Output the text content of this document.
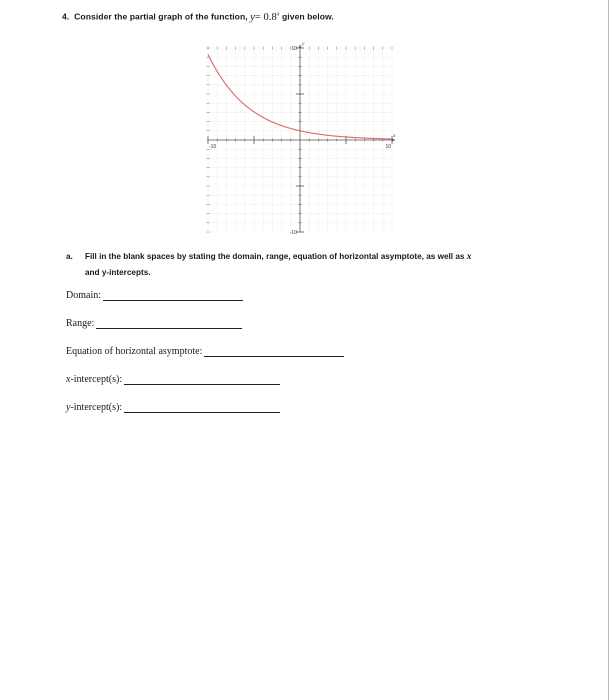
4. Consider the partial graph of the function, $y= 0.8^x$ given below.
-10	10
10
-10
x
y
a. Fill in the blank spaces by stating the domain, range, equation of horizontal asymptote, as well as x
and y-intercepts.
Domain:
Range:
Equation of horizontal asymptote:
x-intercept(s):
y-intercept(s):
